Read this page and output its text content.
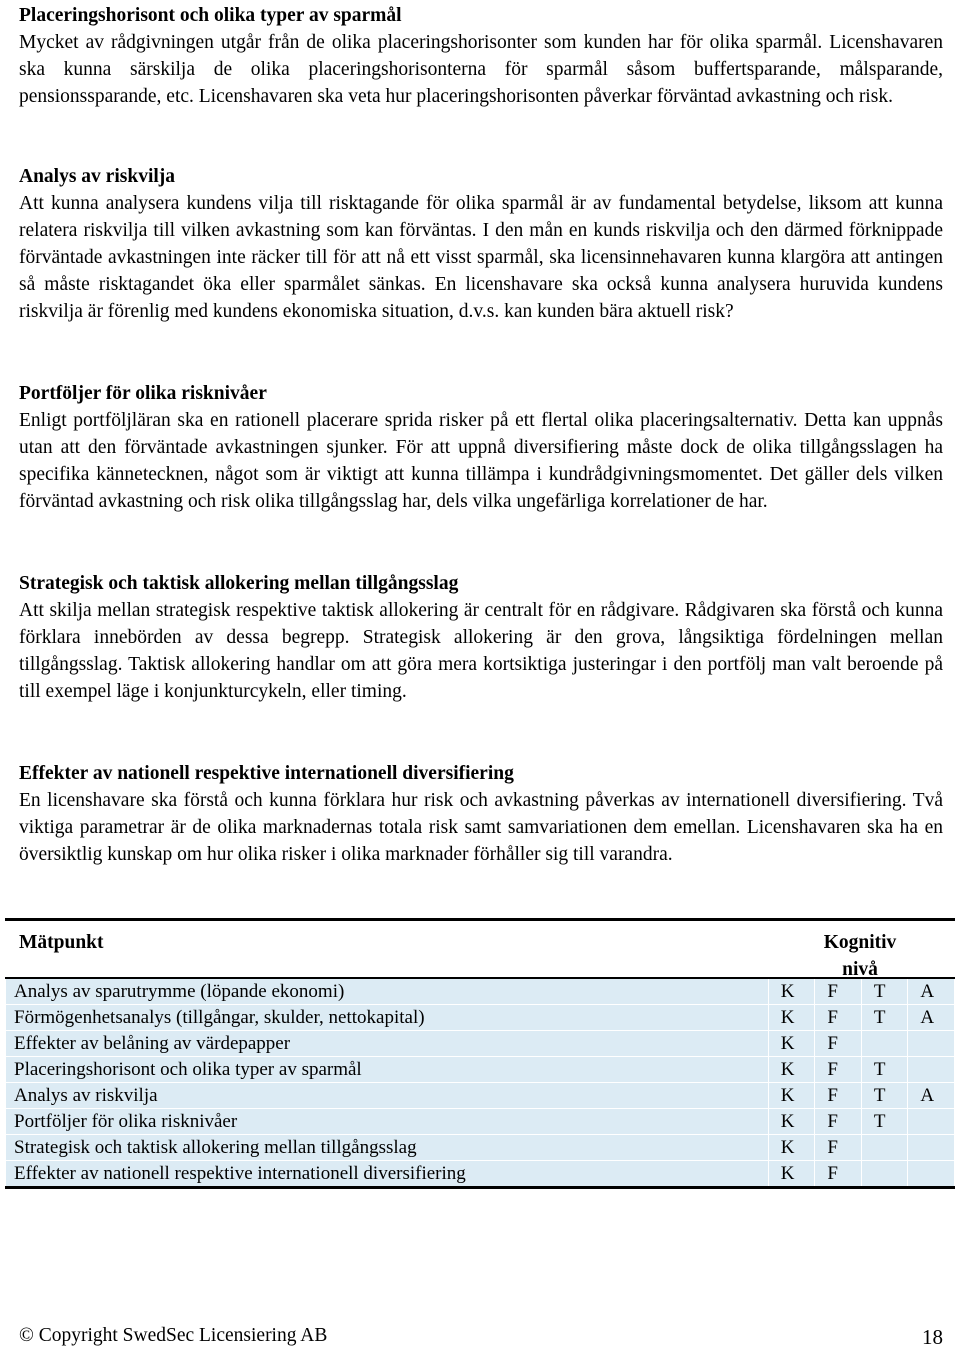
Placeringshorisont och olika typer av sparmål

Mycket av rådgivningen utgår från de olika placeringshorisonter som kunden har för olika sparmål. Licenshavaren ska kunna särskilja de olika placeringshorisonterna för sparmål såsom buffertsparande, målsparande, pensionssparande, etc. Licenshavaren ska veta hur placeringshorisonten påverkar förväntad avkastning och risk.

Analys av riskvilja

Att kunna analysera kundens vilja till risktagande för olika sparmål är av fundamental betydelse, liksom att kunna relatera riskvilja till vilken avkastning som kan förväntas. I den mån en kunds riskvilja och den därmed förknippade förväntade avkastningen inte räcker till för att nå ett visst sparmål, ska licensinnehavaren kunna klargöra att antingen så måste risktagandet öka eller sparmålet sänkas. En licenshavare ska också kunna analysera huruvida kundens riskvilja är förenlig med kundens ekonomiska situation, d.v.s. kan kunden bära aktuell risk?

Portföljer för olika risknivåer

Enligt portföljläran ska en rationell placerare sprida risker på ett flertal olika placeringsalternativ. Detta kan uppnås utan att den förväntade avkastningen sjunker. För att uppnå diversifiering måste dock de olika tillgångsslagen ha specifika kännetecknen, något som är viktigt att kunna tillämpa i kundrådgivningsmomentet. Det gäller dels vilken förväntad avkastning och risk olika tillgångsslag har, dels vilka ungefärliga korrelationer de har.

Strategisk och taktisk allokering mellan tillgångsslag

Att skilja mellan strategisk respektive taktisk allokering är centralt för en rådgivare. Rådgivaren ska förstå och kunna förklara innebörden av dessa begrepp. Strategisk allokering är den grova, långsiktiga fördelningen mellan tillgångsslag. Taktisk allokering handlar om att göra mera kortsiktiga justeringar i den portfölj man valt beroende på till exempel läge i konjunkturcykeln, eller timing.

Effekter av nationell respektive internationell diversifiering

En licenshavare ska förstå och kunna förklara hur risk och avkastning påverkas av internationell diversifiering. Två viktiga parametrar är de olika marknadernas totala risk samt samvariationen dem emellan. Licenshavaren ska ha en översiktlig kunskap om hur olika risker i olika marknader förhåller sig till varandra.

Mätpunkt	Kognitiv nivå
Analys av sparutrymme (löpande ekonomi)	K	F	T	A
Förmögenhetsanalys (tillgångar, skulder, nettokapital)	K	F	T	A
Effekter av belåning av värdepapper	K	F		
Placeringshorisont och olika typer av sparmål	K	F	T	
Analys av riskvilja	K	F	T	A
Portföljer för olika risknivåer	K	F	T	
Strategisk och taktisk allokering mellan tillgångsslag	K	F		
Effekter av nationell respektive internationell diversifiering	K	F		
© Copyright SwedSec Licensiering AB	18
